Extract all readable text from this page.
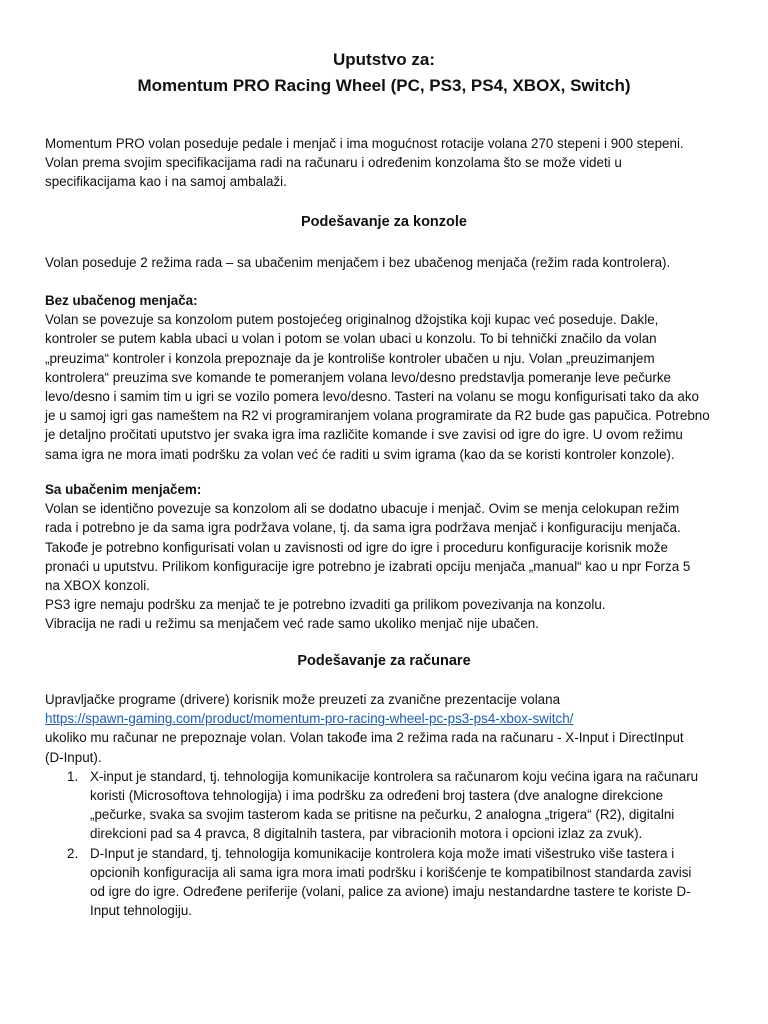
Uputstvo za:
Momentum PRO Racing Wheel (PC, PS3, PS4, XBOX, Switch)

Momentum PRO volan poseduje pedale i menjač i ima mogućnost rotacije volana 270 stepeni i 900 stepeni.

Volan prema svojim specifikacijama radi na računaru i određenim konzolama što se može videti u

specifikacijama kao i na samoj ambalaži.

Podešavanje za konzole

Volan poseduje 2 režima rada – sa ubačenim menjačem i bez ubačenog menjača (režim rada kontrolera).

Bez ubačenog menjača:

Volan se povezuje sa konzolom putem postojećeg originalnog džojstika koji kupac već poseduje. Dakle,

kontroler se putem kabla ubaci u volan i potom se volan ubaci u konzolu. To bi tehnički značilo da volan

„preuzima“ kontroler i konzola prepoznaje da je kontroliše kontroler ubačen u nju. Volan „preuzimanjem

kontrolera“ preuzima sve komande te pomeranjem volana levo/desno predstavlja pomeranje leve pečurke

levo/desno i samim tim u igri se vozilo pomera levo/desno. Tasteri na volanu se mogu konfigurisati tako da ako

je u samoj igri gas nameštem na R2 vi programiranjem volana programirate da R2 bude gas papučica. Potrebno

je detaljno pročitati uputstvo jer svaka igra ima različite komande i sve zavisi od igre do igre. U ovom režimu

sama igra ne mora imati podršku za volan već će raditi u svim igrama (kao da se koristi kontroler konzole).

Sa ubačenim menjačem:

Volan se identično povezuje sa konzolom ali se dodatno ubacuje i menjač. Ovim se menja celokupan režim

rada i potrebno je da sama igra podržava volane, tj. da sama igra podržava menjač i konfiguraciju menjača.

Takođe je potrebno konfigurisati volan u zavisnosti od igre do igre i proceduru konfiguracije korisnik može

pronaći u uputstvu. Prilikom konfiguracije igre potrebno je izabrati opciju menjača „manual“ kao u npr Forza 5

na XBOX konzoli.

PS3 igre nemaju podršku za menjač te je potrebno izvaditi ga prilikom povezivanja na konzolu.

Vibracija ne radi u režimu sa menjačem već rade samo ukoliko menjač nije ubačen.

Podešavanje za računare

Upravljačke programe (drivere) korisnik može preuzeti za zvanične prezentacije volana

https://spawn-gaming.com/product/momentum-pro-racing-wheel-pc-ps3-ps4-xbox-switch/

ukoliko mu računar ne prepoznaje volan. Volan takođe ima 2 režima rada na računaru - X-Input i DirectInput

(D-Input).

1. X-input je standard, tj. tehnologija komunikacije kontrolera sa računarom koju većina igara na računaru

koristi (Microsoftova tehnologija) i ima podršku za određeni broj tastera (dve analogne direkcione

„pečurke, svaka sa svojim tasterom kada se pritisne na pečurku, 2 analogna „trigera“ (R2), digitalni

direkcioni pad sa 4 pravca, 8 digitalnih tastera, par vibracionih motora i opcioni izlaz za zvuk).

2. D-Input je standard, tj. tehnologija komunikacije kontrolera koja može imati višestruko više tastera i

opcionih konfiguracija ali sama igra mora imati podršku i korišćenje te kompatibilnost standarda zavisi

od igre do igre. Određene periferije (volani, palice za avione) imaju nestandardne tastere te koriste D-

Input tehnologiju.
